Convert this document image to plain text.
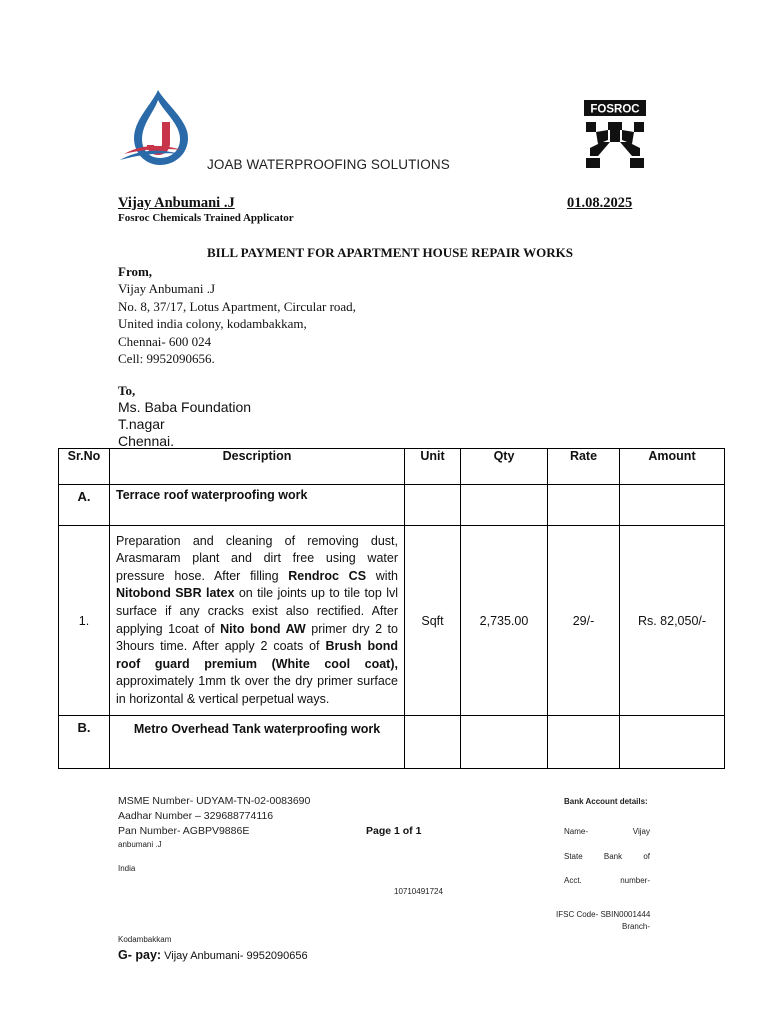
JOAB WATERPROOFING SOLUTIONS
FOSROC
Vijay Anbumani .J
Fosroc Chemicals Trained Applicator
01.08.2025
BILL PAYMENT FOR APARTMENT HOUSE REPAIR WORKS
From,
Vijay Anbumani .J
No. 8, 37/17, Lotus Apartment, Circular road,
United india colony, kodambakkam,
Chennai- 600 024
Cell: 9952090656.
To,
Ms. Baba Foundation
T.nagar
Chennai.
Sr.No	Description	Unit	Qty	Rate	Amount
A.	Terrace roof waterproofing work				
1.	Preparation and cleaning of removing dust, Arasmaram plant and dirt free using water pressure hose. After filling Rendroc CS with Nitobond SBR latex on tile joints up to tile top lvl surface if any cracks exist also rectified. After applying 1coat of Nito bond AW primer dry 2 to 3hours time. After apply 2 coats of Brush bond roof guard premium (White cool coat), approximately 1mm tk over the dry primer surface in horizontal & vertical perpetual ways.	Sqft	2,735.00	29/-	Rs. 82,050/-
B.	Metro Overhead Tank waterproofing work				
MSME Number- UDYAM-TN-02-0083690
Aadhar Number – 329688774116
Pan Number- AGBPV9886E
anbumani .J
India
Page 1 of 1
10710491724
Bank Account details:
Name-	Vijay
State	Bank	of
Acct.	number-
IFSC Code- SBIN0001444
Branch-
Kodambakkam
G- pay: Vijay Anbumani- 9952090656
